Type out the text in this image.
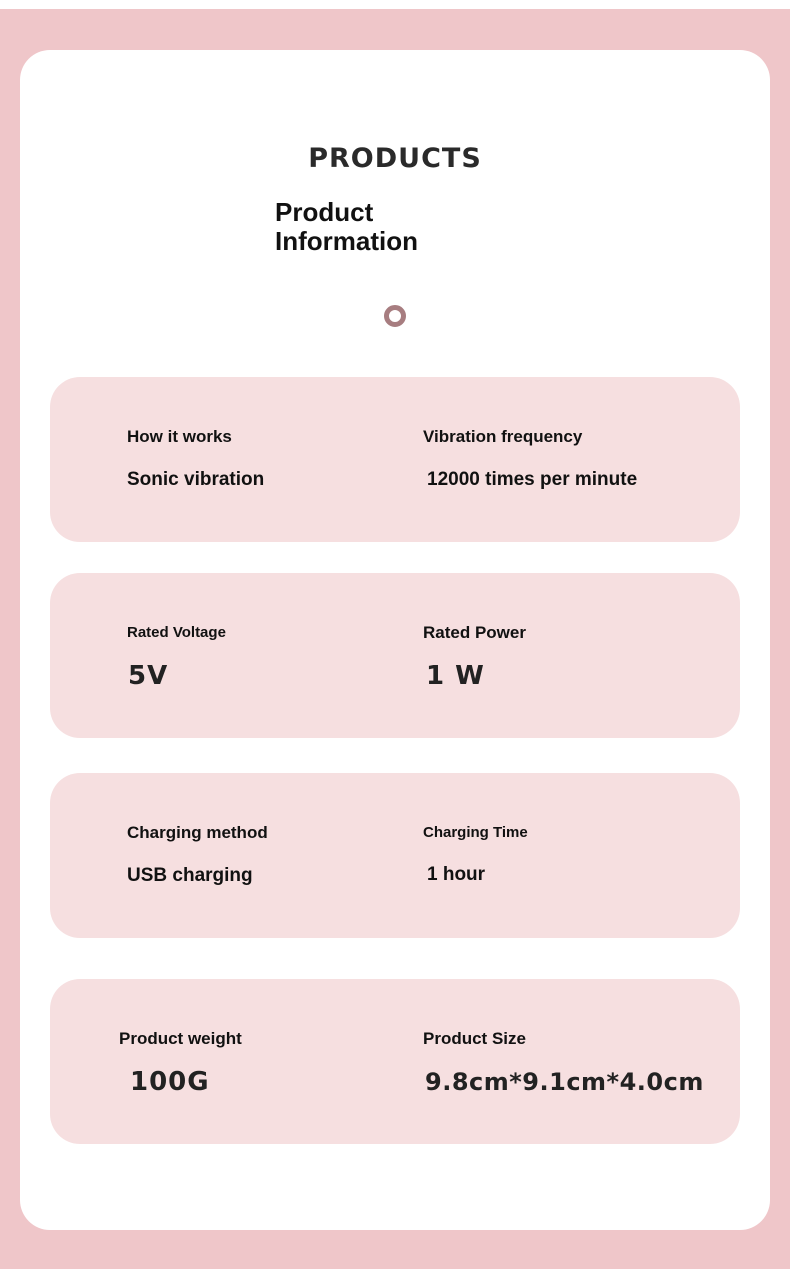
PRODUCTS
Product
Information
How it works
Sonic vibration
Vibration frequency
12000 times per minute
Rated Voltage
5V
Rated Power
1 W
Charging method
USB charging
Charging Time
1 hour
Product weight
100G
Product Size
9.8cm*9.1cm*4.0cm
